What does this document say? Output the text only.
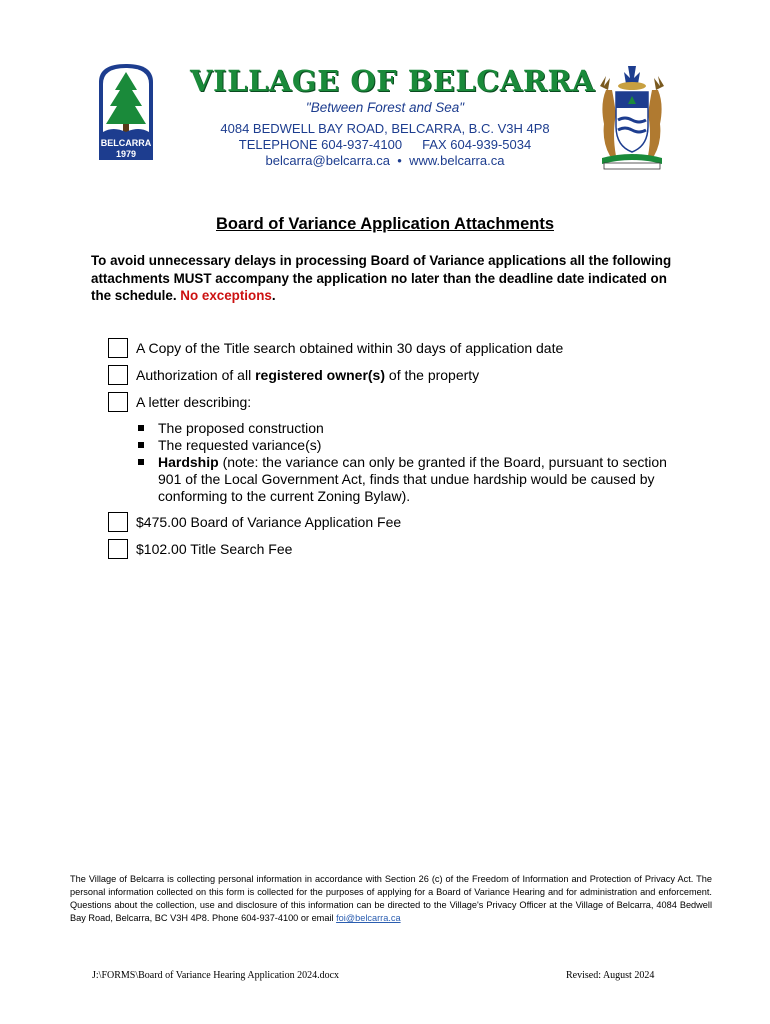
BELCARRA
1979
VILLAGE OF BELCARRA
"Between Forest and Sea"
4084 BEDWELL BAY ROAD, BELCARRA, B.C. V3H 4P8
TELEPHONE 604-937-4100 FAX 604-939-5034
belcarra@belcarra.ca • www.belcarra.ca
Board of Variance Application Attachments
To avoid unnecessary delays in processing Board of Variance applications all the following attachments MUST accompany the application no later than the deadline date indicated on the schedule. No exceptions.
A Copy of the Title search obtained within 30 days of application date
Authorization of all registered owner(s) of the property
A letter describing:
The proposed construction
The requested variance(s)
Hardship (note: the variance can only be granted if the Board, pursuant to section 901 of the Local Government Act, finds that undue hardship would be caused by conforming to the current Zoning Bylaw).
$475.00 Board of Variance Application Fee
$102.00 Title Search Fee
The Village of Belcarra is collecting personal information in accordance with Section 26 (c) of the Freedom of Information and Protection of Privacy Act. The personal information collected on this form is collected for the purposes of applying for a Board of Variance Hearing and for administration and enforcement. Questions about the collection, use and disclosure of this information can be directed to the Village's Privacy Officer at the Village of Belcarra, 4084 Bedwell Bay Road, Belcarra, BC V3H 4P8. Phone 604-937-4100 or email foi@belcarra.ca
J:\FORMS\Board of Variance Hearing Application 2024.docx	Revised: August 2024
